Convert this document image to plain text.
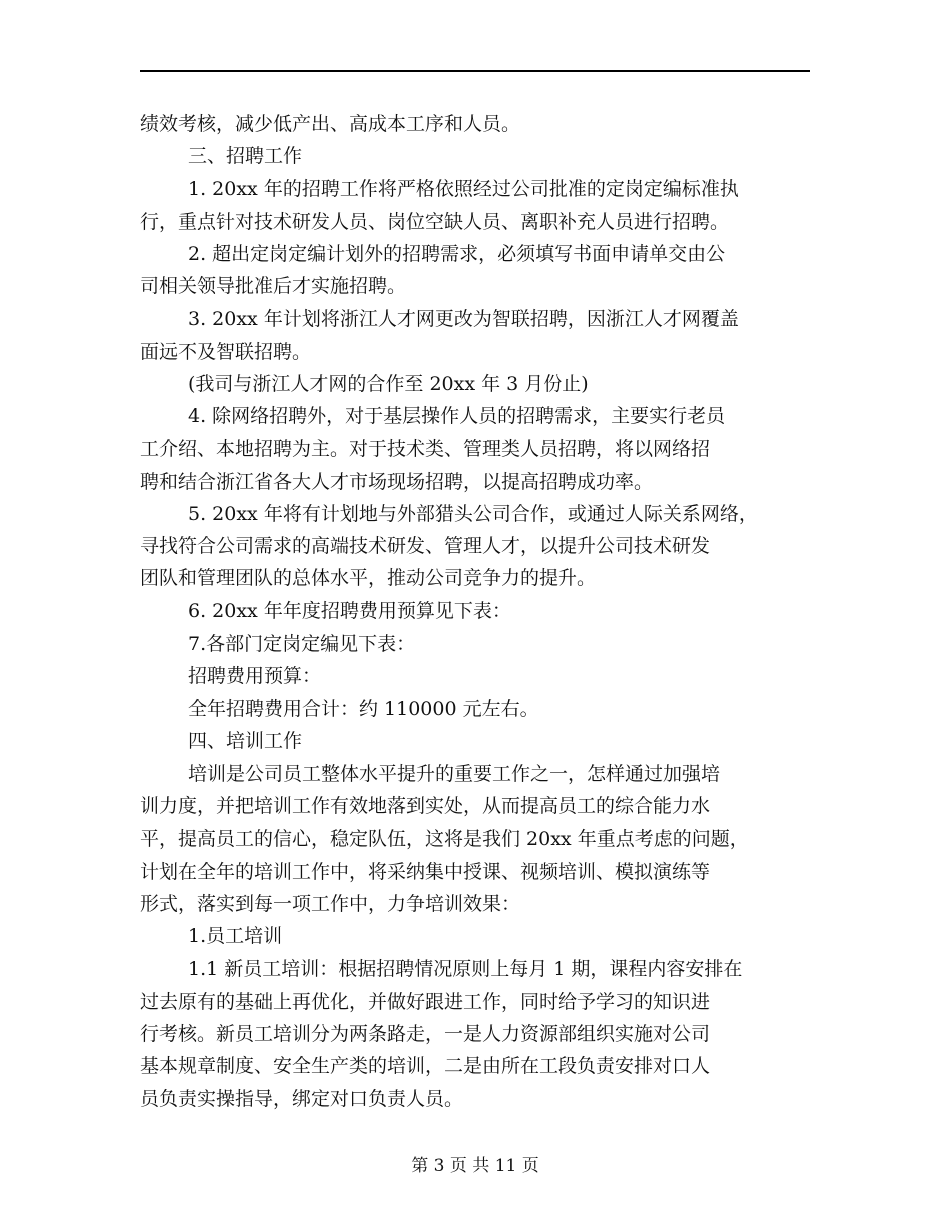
绩效考核，减少低产出、高成本工序和人员。
三、招聘工作
1. 20xx 年的招聘工作将严格依照经过公司批准的定岗定编标准执
行，重点针对技术研发人员、岗位空缺人员、离职补充人员进行招聘。
2. 超出定岗定编计划外的招聘需求，必须填写书面申请单交由公
司相关领导批准后才实施招聘。
3. 20xx 年计划将浙江人才网更改为智联招聘，因浙江人才网覆盖
面远不及智联招聘。
(我司与浙江人才网的合作至 20xx 年 3 月份止)
4. 除网络招聘外，对于基层操作人员的招聘需求，主要实行老员
工介绍、本地招聘为主。对于技术类、管理类人员招聘，将以网络招
聘和结合浙江省各大人才市场现场招聘，以提高招聘成功率。
5. 20xx 年将有计划地与外部猎头公司合作，或通过人际关系网络，
寻找符合公司需求的高端技术研发、管理人才，以提升公司技术研发
团队和管理团队的总体水平，推动公司竞争力的提升。
6. 20xx 年年度招聘费用预算见下表：
7.各部门定岗定编见下表：
招聘费用预算：
全年招聘费用合计：约 110000 元左右。
四、培训工作
培训是公司员工整体水平提升的重要工作之一，怎样通过加强培
训力度，并把培训工作有效地落到实处，从而提高员工的综合能力水
平，提高员工的信心，稳定队伍，这将是我们 20xx 年重点考虑的问题，
计划在全年的培训工作中，将采纳集中授课、视频培训、模拟演练等
形式，落实到每一项工作中，力争培训效果：
1.员工培训
1.1 新员工培训：根据招聘情况原则上每月 1 期，课程内容安排在
过去原有的基础上再优化，并做好跟进工作，同时给予学习的知识进
行考核。新员工培训分为两条路走，一是人力资源部组织实施对公司
基本规章制度、安全生产类的培训，二是由所在工段负责安排对口人
员负责实操指导，绑定对口负责人员。
第 3 页 共 11 页
